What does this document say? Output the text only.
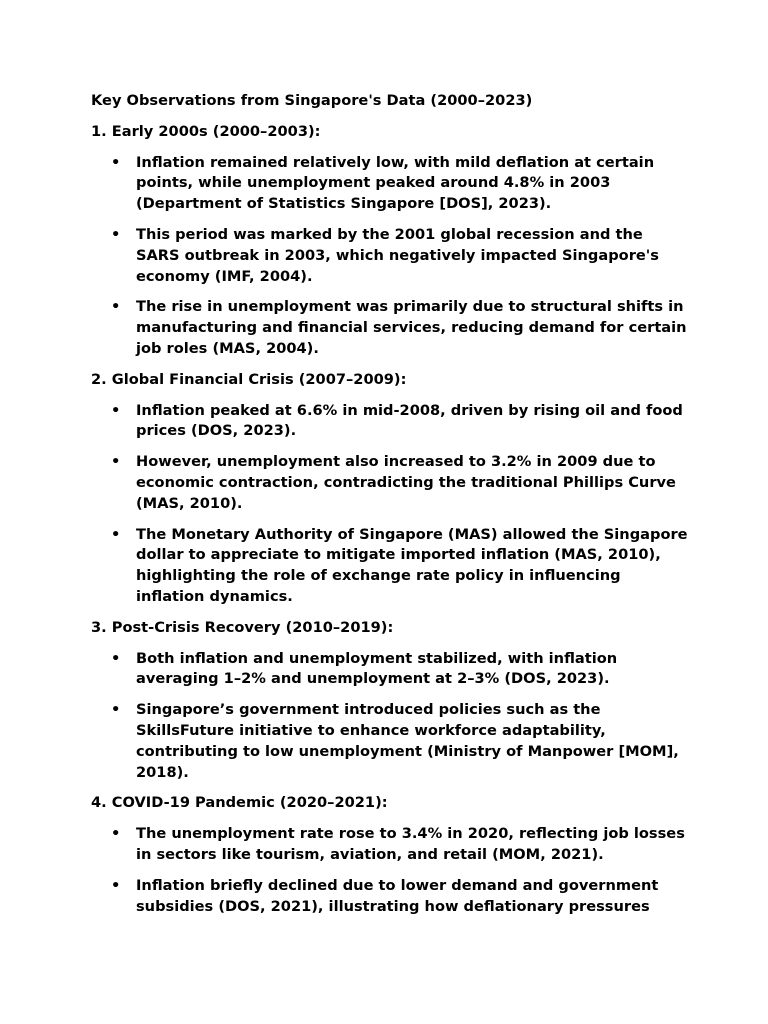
Key Observations from Singapore's Data (2000–2023)
1. Early 2000s (2000–2003):
• Inflation remained relatively low, with mild deflation at certain points, while unemployment peaked around 4.8% in 2003 (Department of Statistics Singapore [DOS], 2023).
• This period was marked by the 2001 global recession and the SARS outbreak in 2003, which negatively impacted Singapore's economy (IMF, 2004).
• The rise in unemployment was primarily due to structural shifts in manufacturing and financial services, reducing demand for certain job roles (MAS, 2004).
2. Global Financial Crisis (2007–2009):
• Inflation peaked at 6.6% in mid-2008, driven by rising oil and food prices (DOS, 2023).
• However, unemployment also increased to 3.2% in 2009 due to economic contraction, contradicting the traditional Phillips Curve (MAS, 2010).
• The Monetary Authority of Singapore (MAS) allowed the Singapore dollar to appreciate to mitigate imported inflation (MAS, 2010), highlighting the role of exchange rate policy in influencing inflation dynamics.
3. Post-Crisis Recovery (2010–2019):
• Both inflation and unemployment stabilized, with inflation averaging 1–2% and unemployment at 2–3% (DOS, 2023).
• Singapore’s government introduced policies such as the SkillsFuture initiative to enhance workforce adaptability, contributing to low unemployment (Ministry of Manpower [MOM], 2018).
4. COVID-19 Pandemic (2020–2021):
• The unemployment rate rose to 3.4% in 2020, reflecting job losses in sectors like tourism, aviation, and retail (MOM, 2021).
• Inflation briefly declined due to lower demand and government subsidies (DOS, 2021), illustrating how deflationary pressures
